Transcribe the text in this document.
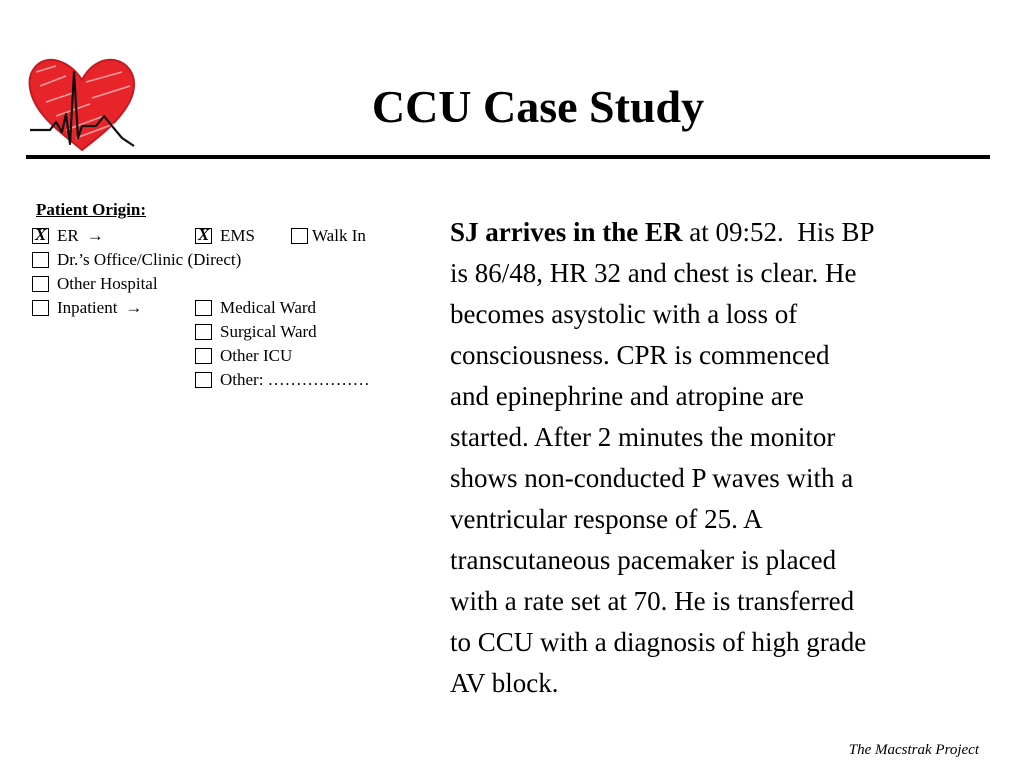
CCU Case Study
Patient Origin:
X
ER →
X	EMS	Walk In
Dr.’s Office/Clinic (Direct)
Other Hospital
Inpatient →	Medical Ward
Surgical Ward
Other ICU
Other: ………………
SJ arrives in the ER at 09:52.  His BP
is 86/48, HR 32 and chest is clear. He
becomes asystolic with a loss of
consciousness. CPR is commenced
and epinephrine and atropine are
started. After 2 minutes the monitor
shows non-conducted P waves with a
ventricular response of 25. A
transcutaneous pacemaker is placed
with a rate set at 70. He is transferred
to CCU with a diagnosis of high grade
AV block.
The Macstrak Project
